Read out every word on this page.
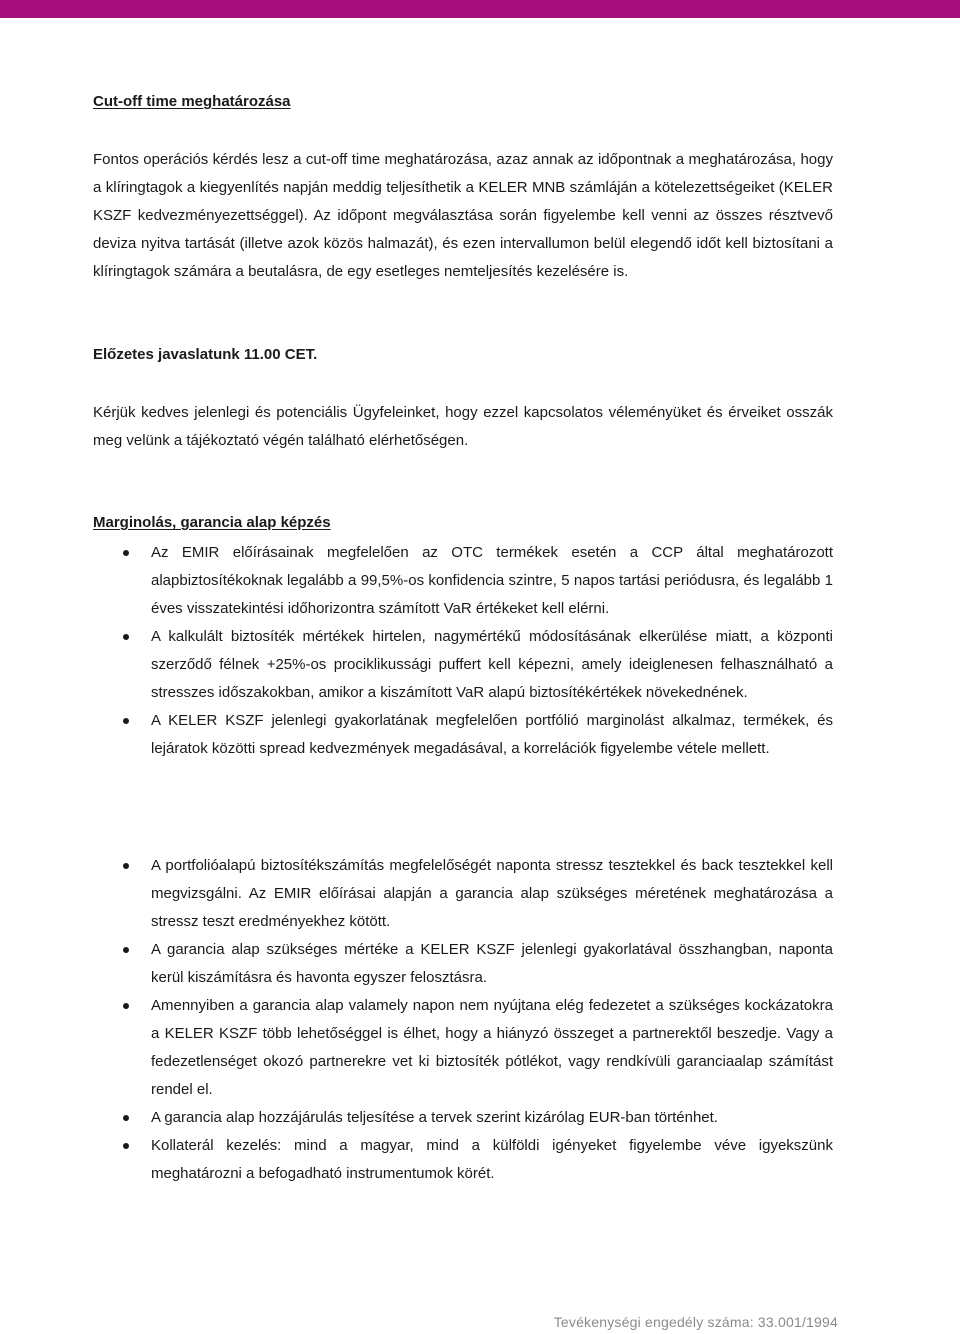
Cut-off time meghatározása

Fontos operációs kérdés lesz a cut-off time meghatározása, azaz annak az időpontnak a meghatározása, hogy a klíringtagok a kiegyenlítés napján meddig teljesíthetik a KELER MNB számláján a kötelezettségeiket (KELER KSZF kedvezményezettséggel). Az időpont megválasztása során figyelembe kell venni az összes résztvevő deviza nyitva tartását (illetve azok közös halmazát), és ezen intervallumon belül elegendő időt kell biztosítani a klíringtagok számára a beutalásra, de egy esetleges nemteljesítés kezelésére is.

Előzetes javaslatunk 11.00 CET.

Kérjük kedves jelenlegi és potenciális Ügyfeleinket, hogy ezzel kapcsolatos véleményüket és érveiket osszák meg velünk a tájékoztató végén található elérhetőségen.

Marginolás, garancia alap képzés
Az EMIR előírásainak megfelelően az OTC termékek esetén a CCP által meghatározott alapbiztosítékoknak legalább a 99,5%-os konfidencia szintre, 5 napos tartási periódusra, és legalább 1 éves visszatekintési időhorizontra számított VaR értékeket kell elérni.
A kalkulált biztosíték mértékek hirtelen, nagymértékű módosításának elkerülése miatt, a központi szerződő félnek +25%-os prociklikussági puffert kell képezni, amely ideiglenesen felhasználható a stresszes időszakokban, amikor a kiszámított VaR alapú biztosítékértékek növekednének.
A KELER KSZF jelenlegi gyakorlatának megfelelően portfólió marginolást alkalmaz, termékek, és lejáratok közötti spread kedvezmények megadásával, a korrelációk figyelembe vétele mellett.
A portfolióalapú biztosítékszámítás megfelelőségét naponta stressz tesztekkel és back tesztekkel kell megvizsgálni. Az EMIR előírásai alapján a garancia alap szükséges méretének meghatározása a stressz teszt eredményekhez kötött.
A garancia alap szükséges mértéke a KELER KSZF jelenlegi gyakorlatával összhangban, naponta kerül kiszámításra és havonta egyszer felosztásra.
Amennyiben a garancia alap valamely napon nem nyújtana elég fedezetet a szükséges kockázatokra a KELER KSZF több lehetőséggel is élhet, hogy a hiányzó összeget a partnerektől beszedje. Vagy a fedezetlenséget okozó partnerekre vet ki biztosíték pótlékot, vagy rendkívüli garanciaalap számítást rendel el.
A garancia alap hozzájárulás teljesítése a tervek szerint kizárólag EUR-ban történhet.
Kollaterál kezelés: mind a magyar, mind a külföldi igényeket figyelembe véve igyekszünk meghatározni a befogadható instrumentumok körét.
Tevékenységi engedély száma: 33.001/1994
